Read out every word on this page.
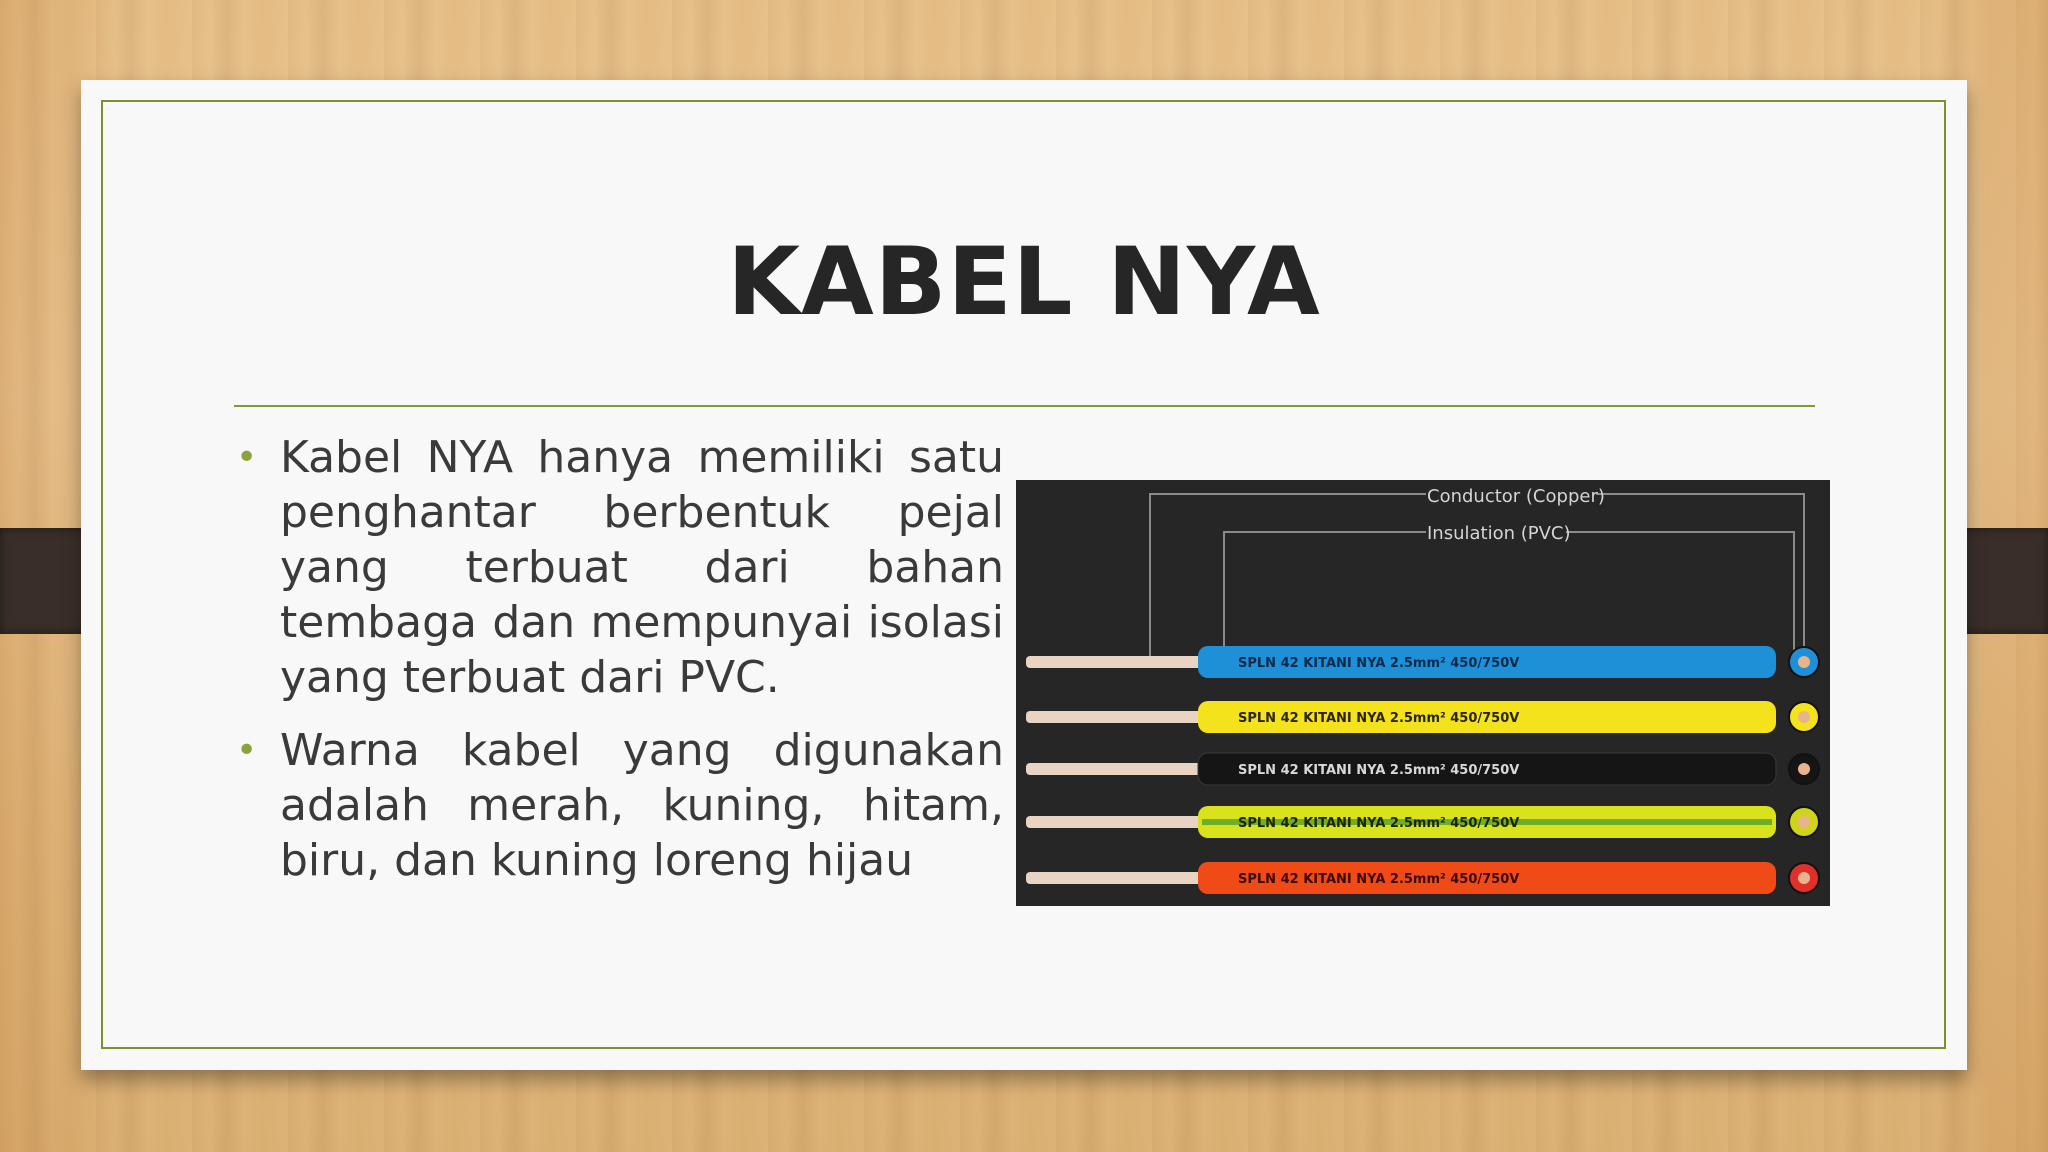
KABEL NYA
• Kabel NYA hanya memiliki satu penghantar berbentuk pejal yang terbuat dari bahan tembaga dan mempunyai isolasi yang terbuat dari PVC.
• Warna kabel yang digunakan adalah merah, kuning, hitam, biru, dan kuning loreng hijau
Conductor (Copper)
Insulation (PVC)
SPLN 42 KITANI NYA 2.5mm² 450/750V
SPLN 42 KITANI NYA 2.5mm² 450/750V
SPLN 42 KITANI NYA 2.5mm² 450/750V
SPLN 42 KITANI NYA 2.5mm² 450/750V
SPLN 42 KITANI NYA 2.5mm² 450/750V
